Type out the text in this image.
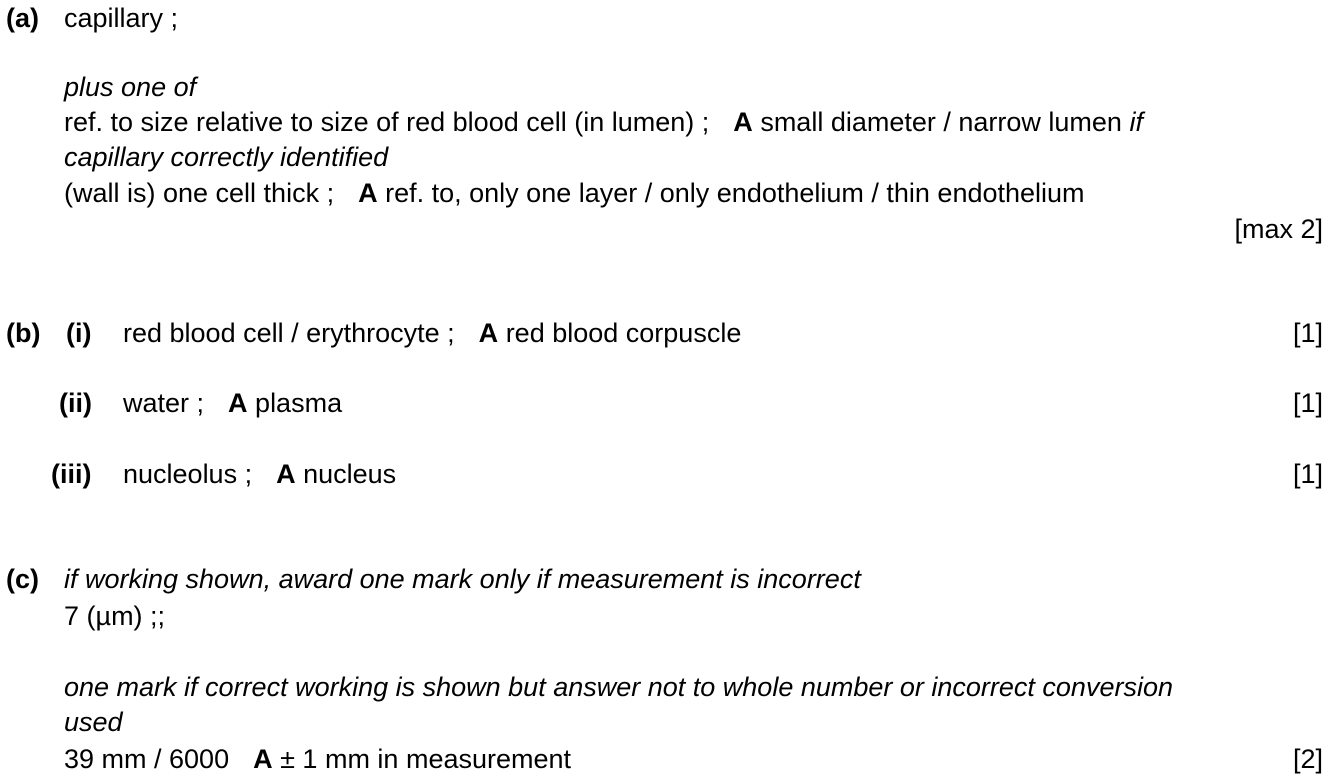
(a) capillary ;
plus one of
ref. to size relative to size of red blood cell (in lumen) ; A small diameter / narrow lumen if
capillary correctly identified
(wall is) one cell thick ; A ref. to, only one layer / only endothelium / thin endothelium
[max 2]
(b) (i) red blood cell / erythrocyte ; A red blood corpuscle	[1]
(ii) water ; A plasma	[1]
(iii) nucleolus ; A nucleus	[1]
(c) if working shown, award one mark only if measurement is incorrect
7 (µm) ;;
one mark if correct working is shown but answer not to whole number or incorrect conversion
used
39 mm / 6000 A ± 1 mm in measurement	[2]
